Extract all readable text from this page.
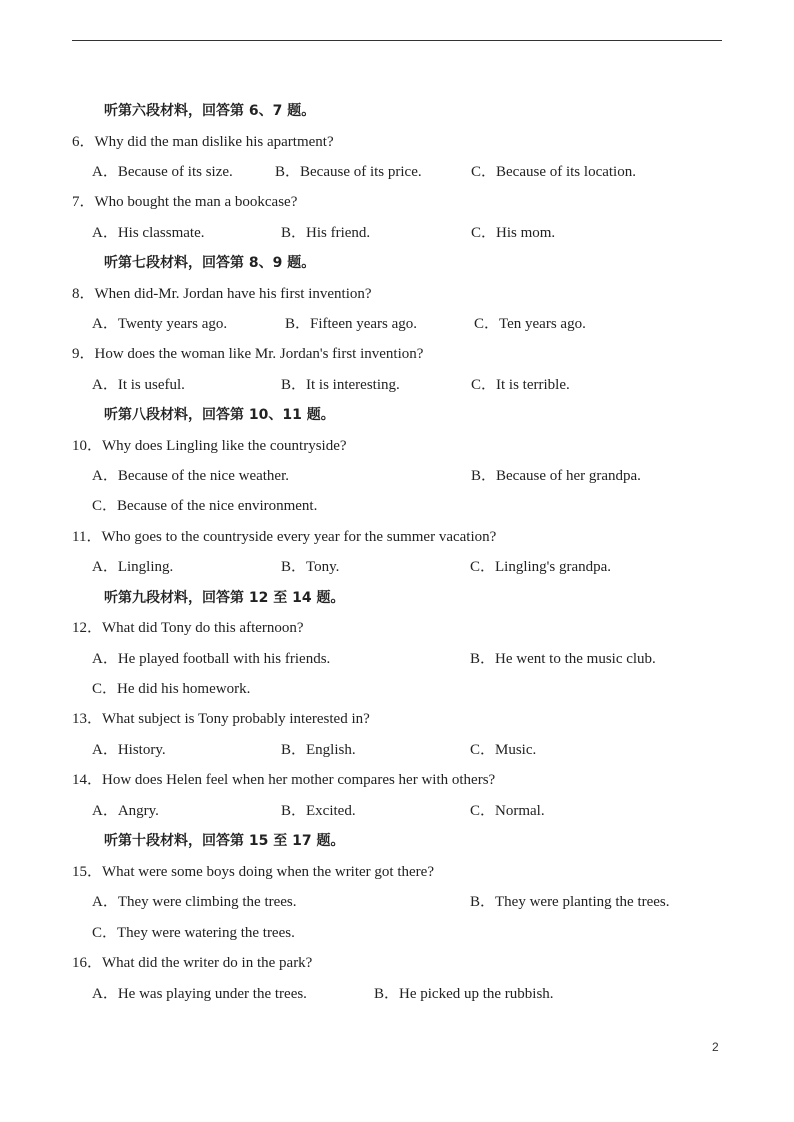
听第六段材料，回答第 6、7 题。
6．Why did the man dislike his apartment?
A．Because of its size.	B．Because of its price.	C．Because of its location.
7．Who bought the man a bookcase?
A．His classmate.	B．His friend.	C．His mom.
听第七段材料，回答第 8、9 题。
8．When did-Mr. Jordan have his first invention?
A．Twenty years ago.	B．Fifteen years ago.	C．Ten years ago.
9．How does the woman like Mr. Jordan's first invention?
A．It is useful.	B．It is interesting.	C．It is terrible.
听第八段材料，回答第 10、11 题。
10．Why does Lingling like the countryside?
A．Because of the nice weather.	B．Because of her grandpa.
C．Because of the nice environment.
11．Who goes to the countryside every year for the summer vacation?
A．Lingling.	B．Tony.	C．Lingling's grandpa.
听第九段材料，回答第 12 至 14 题。
12．What did Tony do this afternoon?
A．He played football with his friends.	B．He went to the music club.
C．He did his homework.
13．What subject is Tony probably interested in?
A．History.	B．English.	C．Music.
14．How does Helen feel when her mother compares her with others?
A．Angry.	B．Excited.	C．Normal.
听第十段材料，回答第 15 至 17 题。
15．What were some boys doing when the writer got there?
A．They were climbing the trees.	B．They were planting the trees.
C．They were watering the trees.
16．What did the writer do in the park?
A．He was playing under the trees.	B．He picked up the rubbish.
2
